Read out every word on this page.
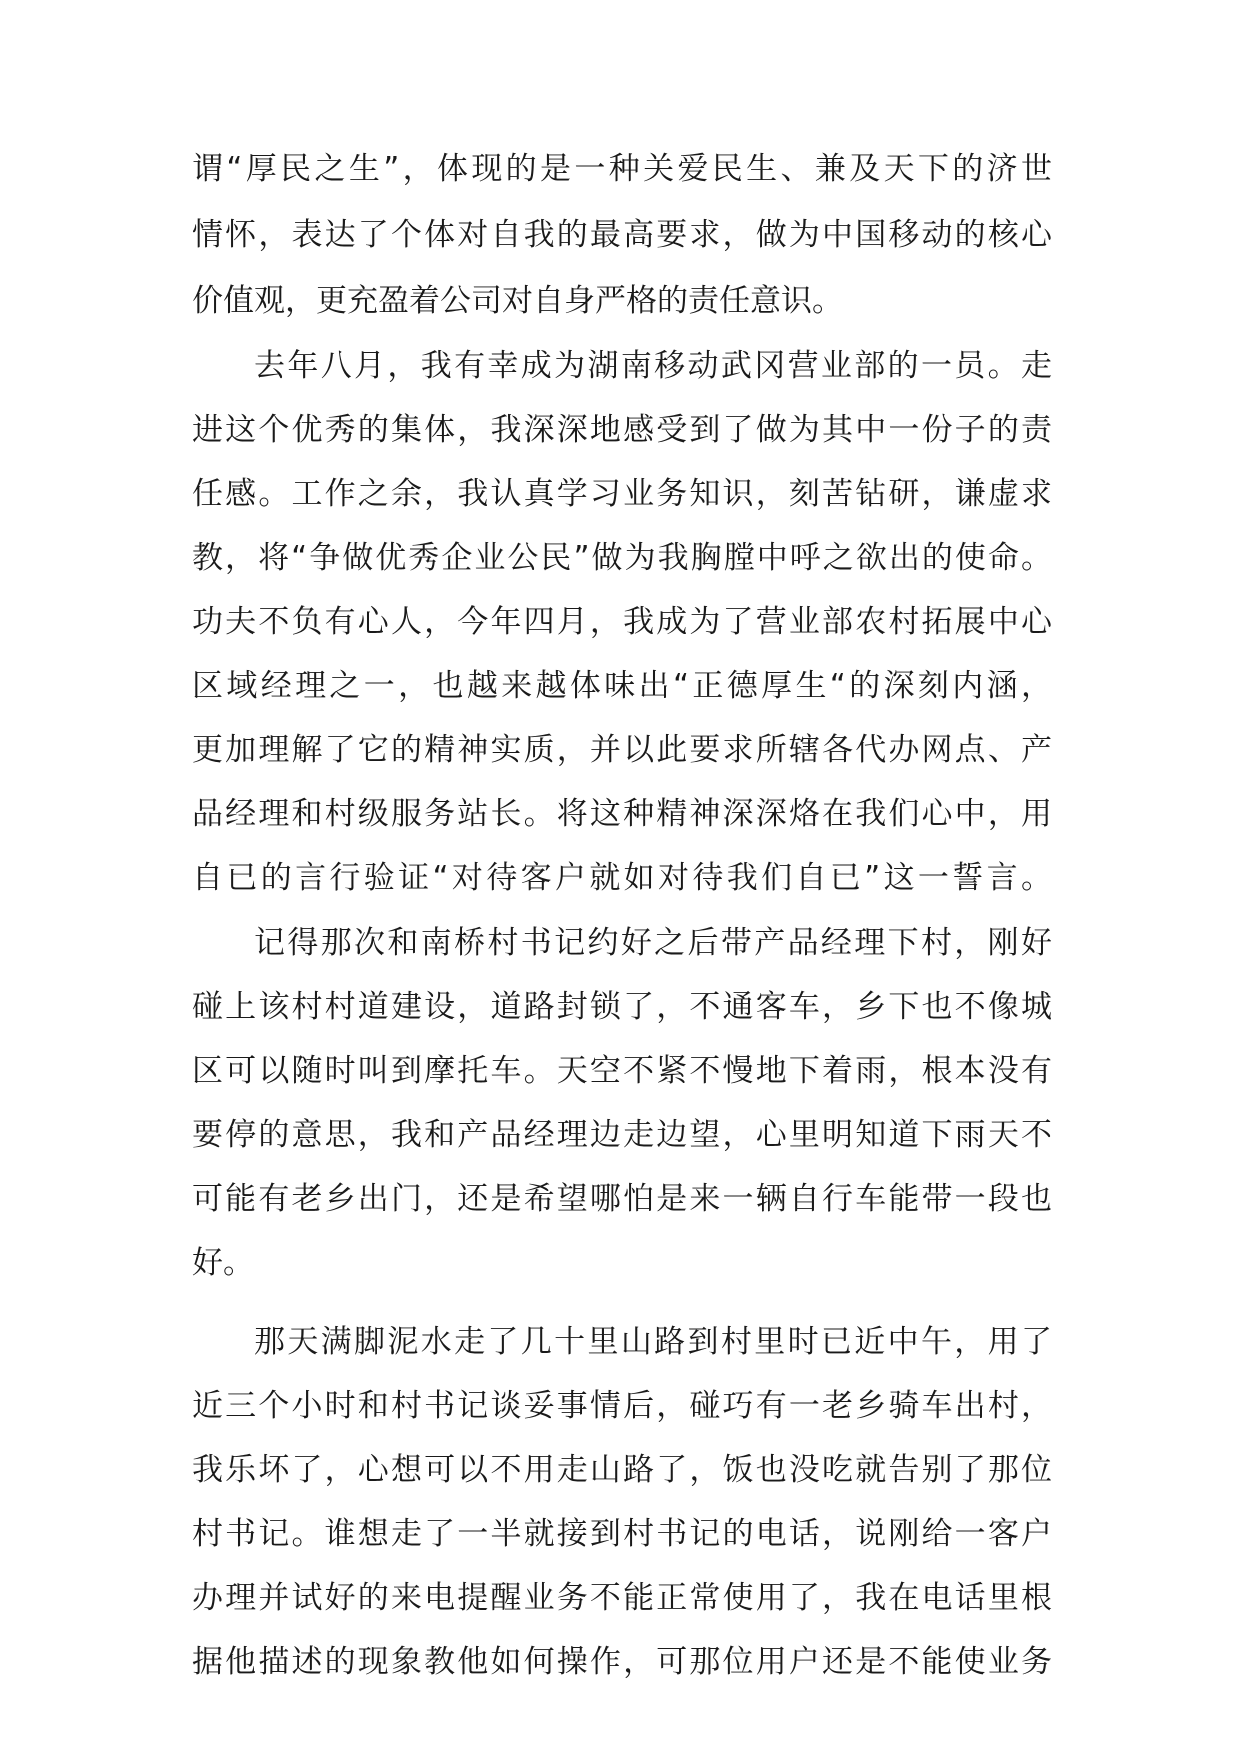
谓“厚民之生”，体现的是一种关爱民生、兼及天下的济世
情怀，表达了个体对自我的最高要求，做为中国移动的核心
价值观，更充盈着公司对自身严格的责任意识。
去年八月，我有幸成为湖南移动武冈营业部的一员。走
进这个优秀的集体，我深深地感受到了做为其中一份子的责
任感。工作之余，我认真学习业务知识，刻苦钻研，谦虚求
教，将“争做优秀企业公民”做为我胸膛中呼之欲出的使命。
功夫不负有心人，今年四月，我成为了营业部农村拓展中心
区域经理之一，也越来越体味出“正德厚生“的深刻内涵，
更加理解了它的精神实质，并以此要求所辖各代办网点、产
品经理和村级服务站长。将这种精神深深烙在我们心中，用
自已的言行验证“对待客户就如对待我们自已”这一誓言。
记得那次和南桥村书记约好之后带产品经理下村，刚好
碰上该村村道建设，道路封锁了，不通客车，乡下也不像城
区可以随时叫到摩托车。天空不紧不慢地下着雨，根本没有
要停的意思，我和产品经理边走边望，心里明知道下雨天不
可能有老乡出门，还是希望哪怕是来一辆自行车能带一段也
好。
那天满脚泥水走了几十里山路到村里时已近中午，用了
近三个小时和村书记谈妥事情后，碰巧有一老乡骑车出村，
我乐坏了，心想可以不用走山路了，饭也没吃就告别了那位
村书记。谁想走了一半就接到村书记的电话，说刚给一客户
办理并试好的来电提醒业务不能正常使用了，我在电话里根
据他描述的现象教他如何操作，可那位用户还是不能使业务
